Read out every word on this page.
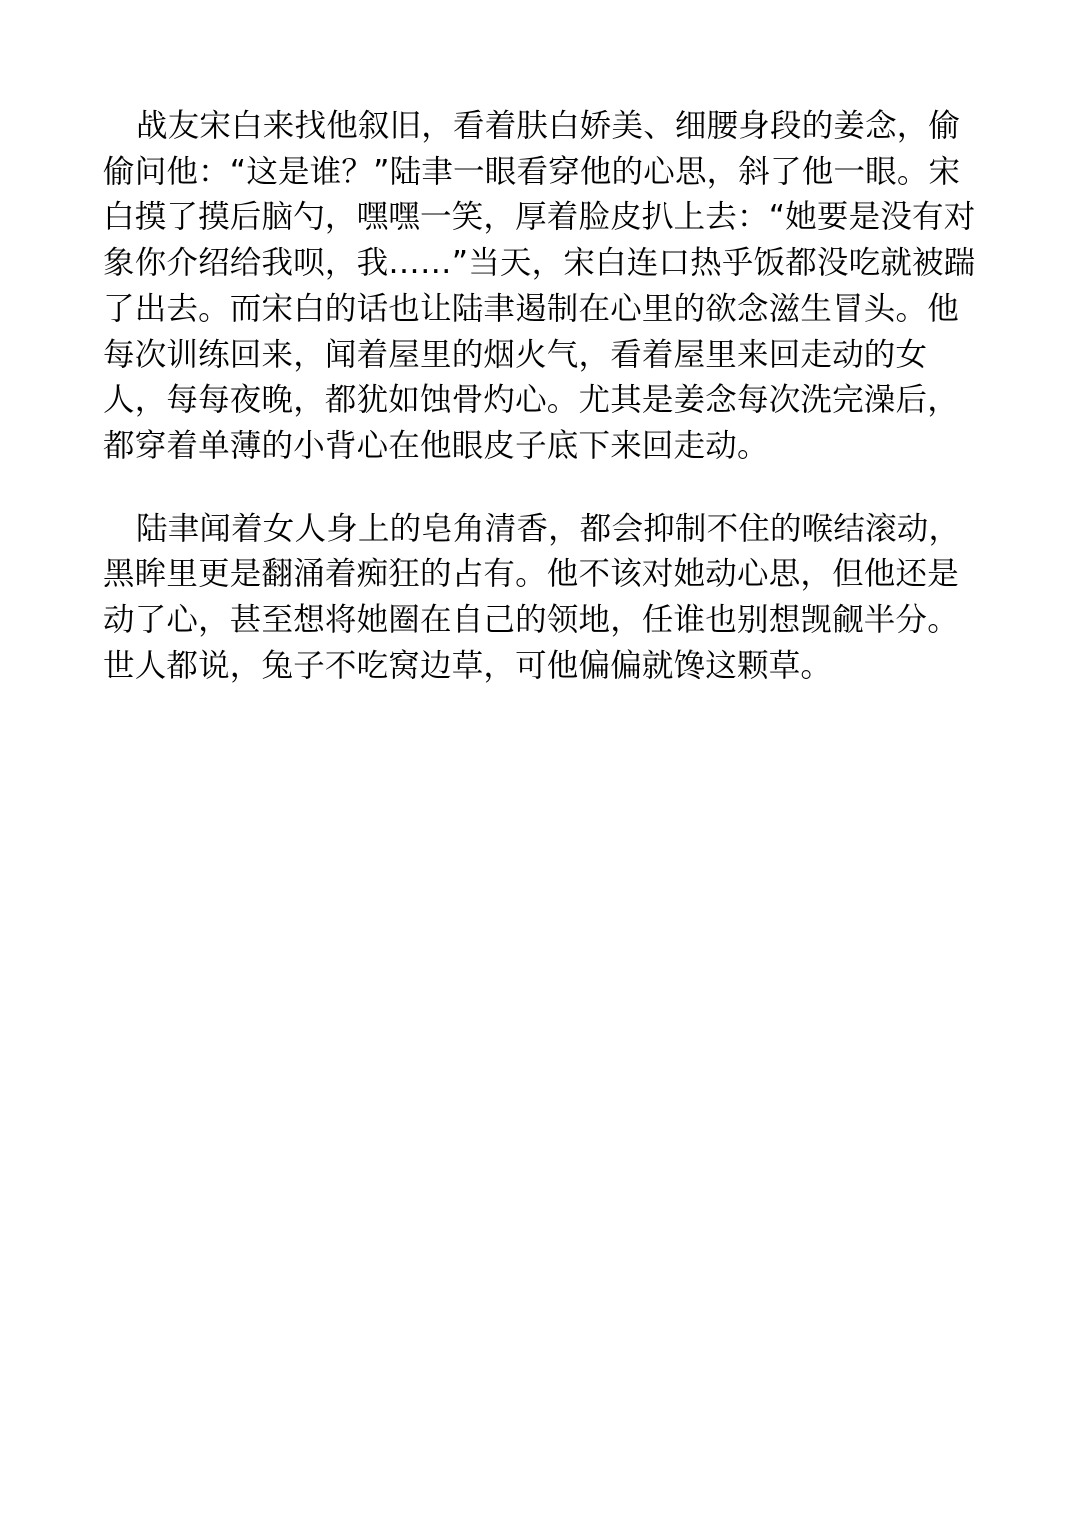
战友宋白来找他叙旧，看着肤白娇美、细腰身段的姜念，偷偷问他：“这是谁？”陆聿一眼看穿他的心思，斜了他一眼。宋白摸了摸后脑勺，嘿嘿一笑，厚着脸皮扒上去：“她要是没有对象你介绍给我呗，我……”当天，宋白连口热乎饭都没吃就被踹了出去。而宋白的话也让陆聿遏制在心里的欲念滋生冒头。他每次训练回来，闻着屋里的烟火气，看着屋里来回走动的女人，每每夜晚，都犹如蚀骨灼心。尤其是姜念每次洗完澡后，都穿着单薄的小背心在他眼皮子底下来回走动。

陆聿闻着女人身上的皂角清香，都会抑制不住的喉结滚动，黑眸里更是翻涌着痴狂的占有。他不该对她动心思，但他还是动了心，甚至想将她圈在自己的领地，任谁也别想觊觎半分。

世人都说，兔子不吃窝边草，可他偏偏就馋这颗草。
